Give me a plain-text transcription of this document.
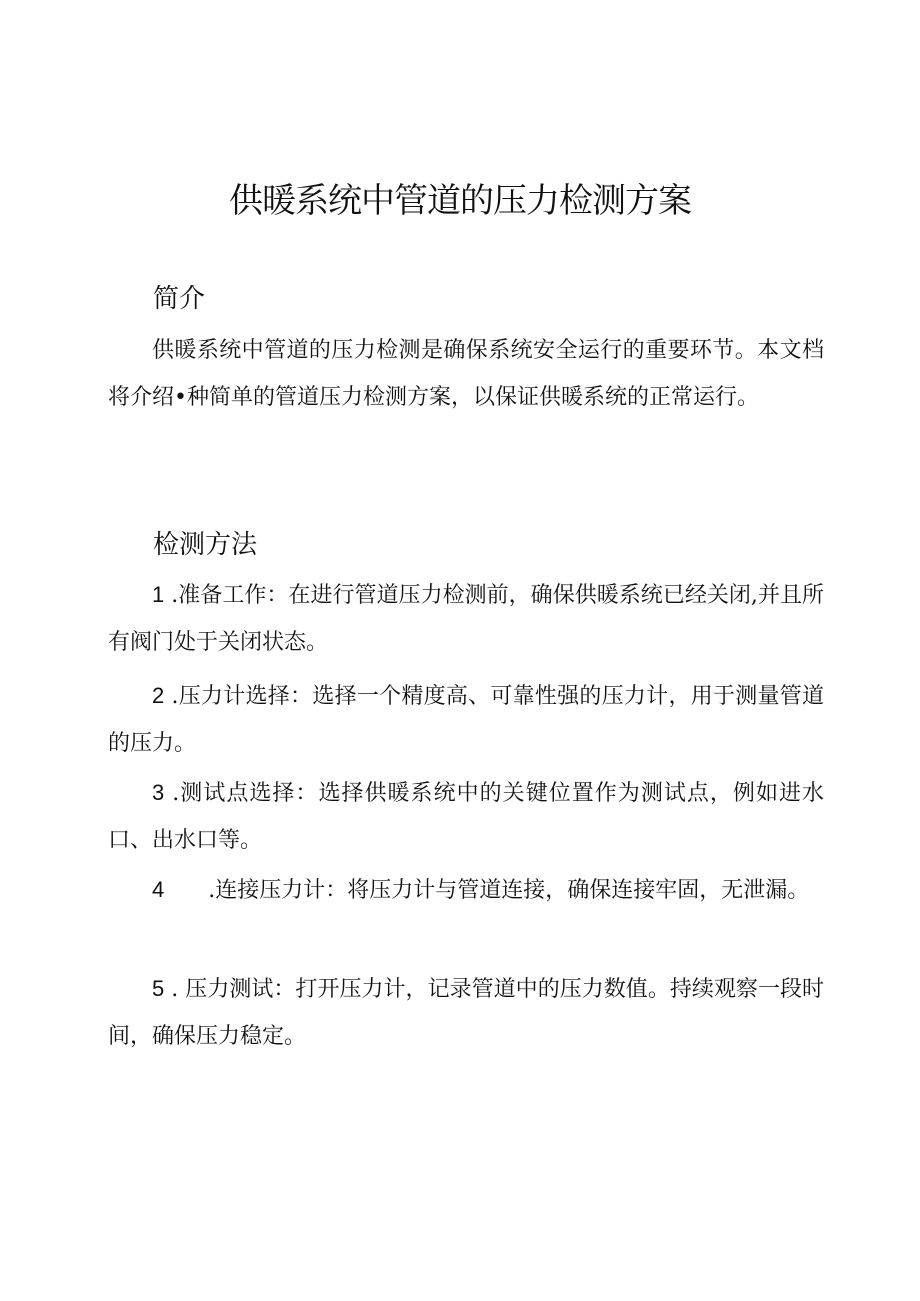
供暖系统中管道的压力检测方案
简介

供暖系统中管道的压力检测是确保系统安全运行的重要环节。本文档将介绍•种简单的管道压力检测方案，以保证供暖系统的正常运行。

检测方法

1 .准备工作：在进行管道压力检测前，确保供暖系统已经关闭,并且所有阀门处于关闭状态。

2 .压力计选择：选择一个精度高、可靠性强的压力计，用于测量管道的压力。

3 .测试点选择：选择供暖系统中的关键位置作为测试点，例如进水口、出水口等。

4 .连接压力计：将压力计与管道连接，确保连接牢固，无泄漏。

5 . 压力测试：打开压力计，记录管道中的压力数值。持续观察一段时间，确保压力稳定。
